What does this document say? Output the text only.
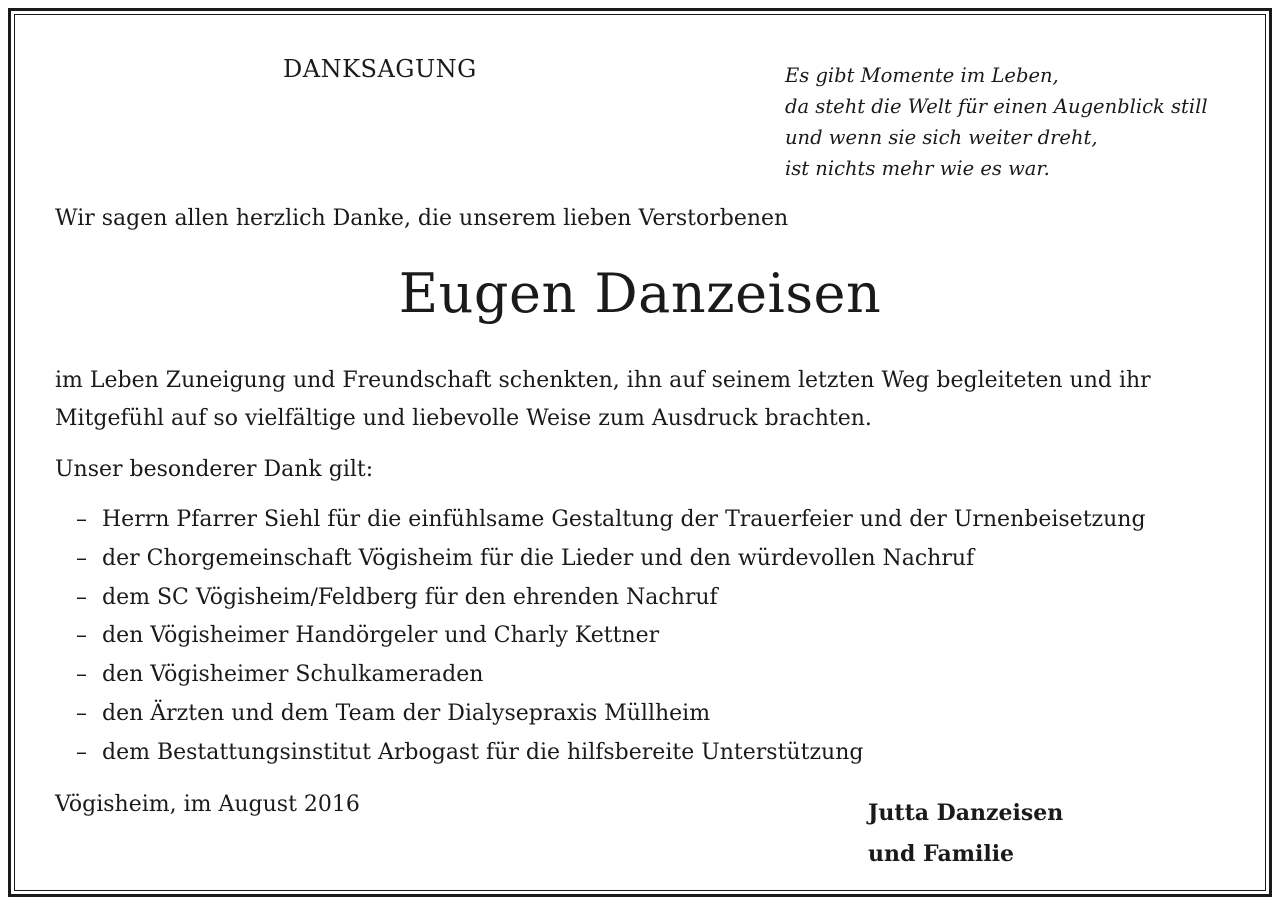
DANKSAGUNG	Es gibt Momente im Leben,
da steht die Welt für einen Augenblick still
und wenn sie sich weiter dreht,
ist nichts mehr wie es war.
Wir sagen allen herzlich Danke, die unserem lieben Verstorbenen
Eugen Danzeisen
im Leben Zuneigung und Freundschaft schenkten, ihn auf seinem letzten Weg begleiteten und ihr
Mitgefühl auf so vielfältige und liebevolle Weise zum Ausdruck brachten.
Unser besonderer Dank gilt:
– Herrn Pfarrer Siehl für die einfühlsame Gestaltung der Trauerfeier und der Urnenbeisetzung
– der Chorgemeinschaft Vögisheim für die Lieder und den würdevollen Nachruf
– dem SC Vögisheim/Feldberg für den ehrenden Nachruf
– den Vögisheimer Handörgeler und Charly Kettner
– den Vögisheimer Schulkameraden
– den Ärzten und dem Team der Dialysepraxis Müllheim
– dem Bestattungsinstitut Arbogast für die hilfsbereite Unterstützung
Vögisheim, im August 2016	Jutta Danzeisen
und Familie
